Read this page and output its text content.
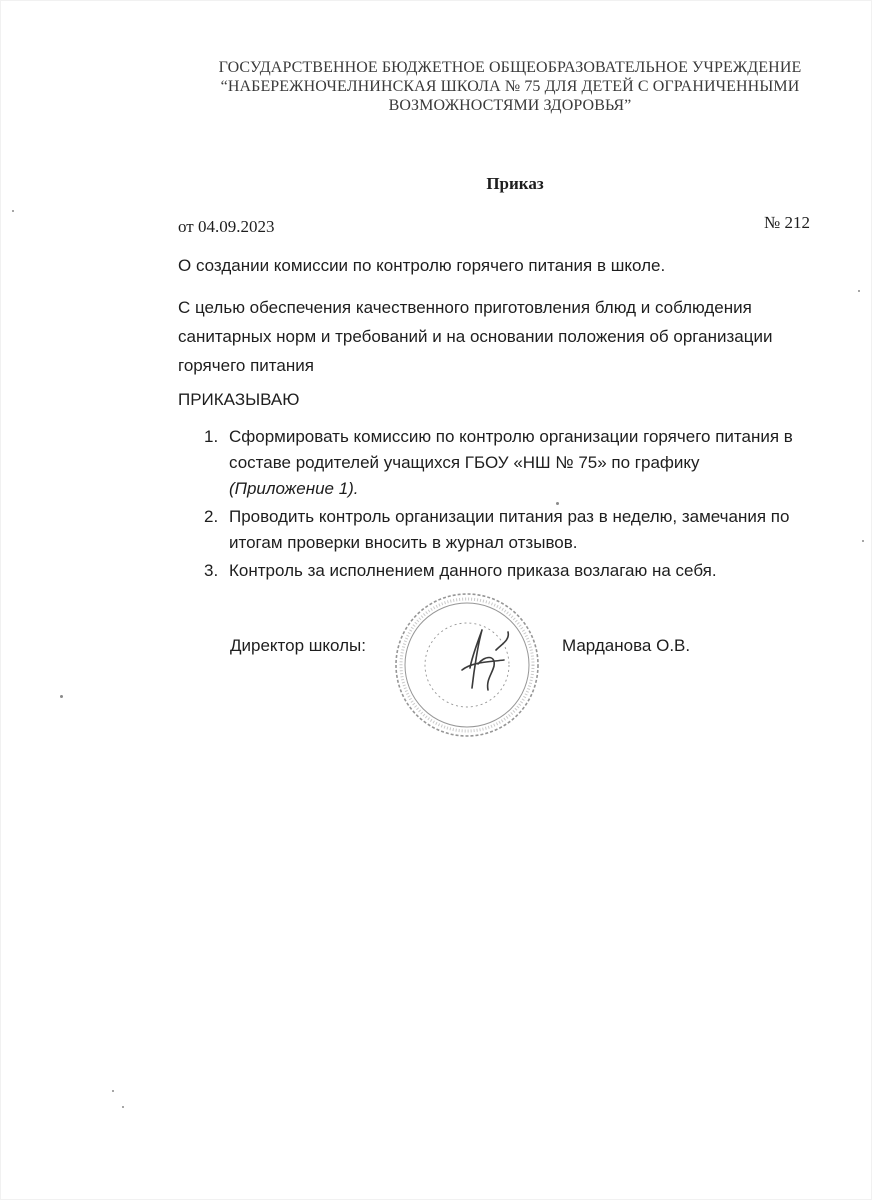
ГОСУДАРСТВЕННОЕ БЮДЖЕТНОЕ ОБЩЕОБРАЗОВАТЕЛЬНОЕ УЧРЕЖДЕНИЕ
“НАБЕРЕЖНОЧЕЛНИНСКАЯ ШКОЛА № 75 ДЛЯ ДЕТЕЙ С ОГРАНИЧЕННЫМИ
ВОЗМОЖНОСТЯМИ ЗДОРОВЬЯ”
Приказ
от 04.09.2023	№ 212
О создании комиссии по контролю горячего питания в школе.
С целью обеспечения качественного приготовления блюд и соблюдения
санитарных норм и требований и на основании положения об организации
горячего питания
ПРИКАЗЫВАЮ
1. Сформировать комиссию по контролю организации горячего питания в
составе родителей учащихся ГБОУ «НШ № 75» по графику
(Приложение 1).
2. Проводить контроль организации питания раз в неделю, замечания по
итогам проверки вносить в журнал отзывов.
3. Контроль за исполнением данного приказа возлагаю на себя.
Директор школы:	Марданова О.В.
